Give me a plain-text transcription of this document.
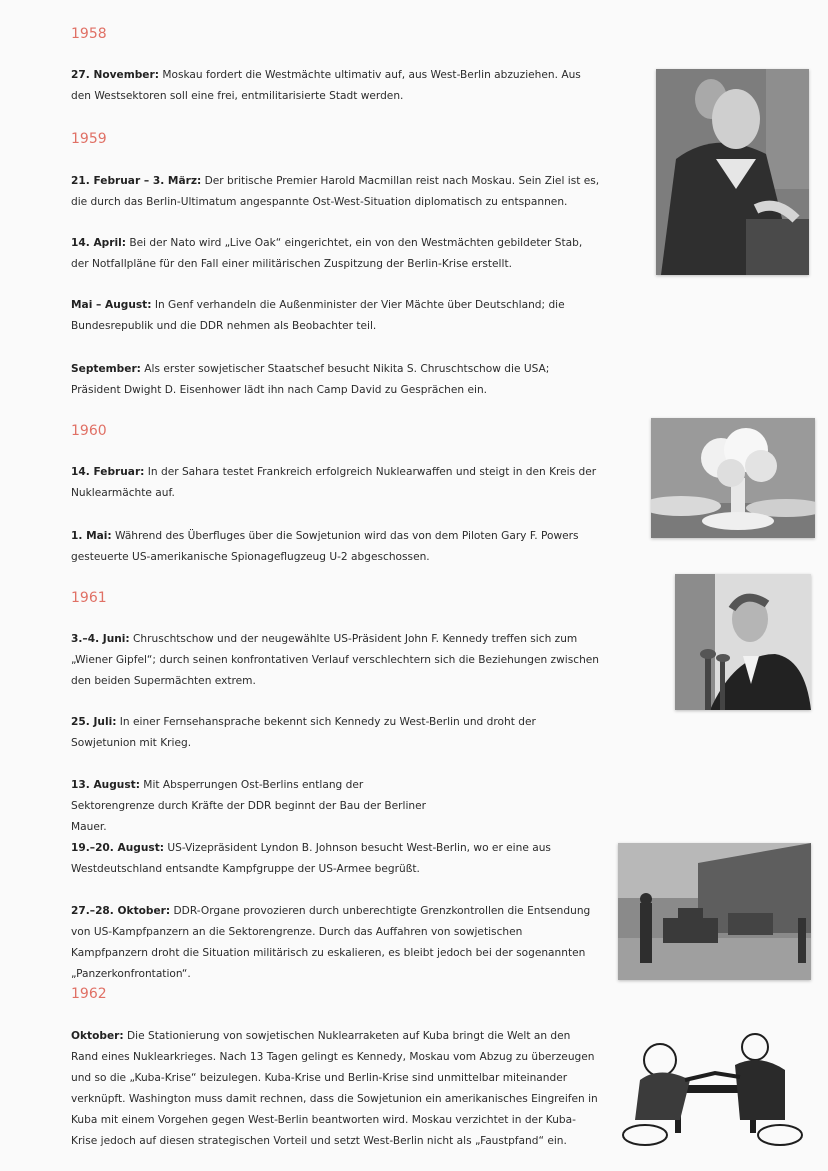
1958

27. November: Moskau fordert die Westmächte ultimativ auf, aus West-Berlin abzuziehen. Aus den Westsektoren soll eine frei, entmilitarisierte Stadt werden.

1959

21. Februar – 3. März: Der britische Premier Harold Macmillan reist nach Moskau. Sein Ziel ist es, die durch das Berlin-Ultimatum angespannte Ost-West-Situation diplomatisch zu entspannen.

14. April: Bei der Nato wird „Live Oak“ eingerichtet, ein von den Westmächten gebildeter Stab, der Notfallpläne für den Fall einer militärischen Zuspitzung der Berlin-Krise erstellt.

Mai – August: In Genf verhandeln die Außenminister der Vier Mächte über Deutschland; die Bundesrepublik und die DDR nehmen als Beobachter teil.

September: Als erster sowjetischer Staatschef besucht Nikita S. Chruschtschow die USA; Präsident Dwight D. Eisenhower lädt ihn nach Camp David zu Gesprächen ein.

1960

14. Februar: In der Sahara testet Frankreich erfolgreich Nuklearwaffen und steigt in den Kreis der Nuklearmächte auf.

1. Mai: Während des Überfluges über die Sowjetunion wird das von dem Piloten Gary F. Powers gesteuerte US-amerikanische Spionageflugzeug U-2 abgeschossen.

1961

3.–4. Juni: Chruschtschow und der neugewählte US-Präsident John F. Kennedy treffen sich zum „Wiener Gipfel“; durch seinen konfrontativen Verlauf verschlechtern sich die Beziehungen zwischen den beiden Supermächten extrem.

25. Juli: In einer Fernsehansprache bekennt sich Kennedy zu West-Berlin und droht der Sowjetunion mit Krieg.

13. August: Mit Absperrungen Ost-Berlins entlang der
Sektorengrenze durch Kräfte der DDR beginnt der Bau der Berliner Mauer.

19.–20. August: US-Vizepräsident Lyndon B. Johnson besucht West-Berlin, wo er eine aus Westdeutschland entsandte Kampfgruppe der US-Armee begrüßt.

27.–28. Oktober: DDR-Organe provozieren durch unberechtigte Grenzkontrollen die Entsendung von US-Kampfpanzern an die Sektorengrenze. Durch das Auffahren von sowjetischen Kampfpanzern droht die Situation militärisch zu eskalieren, es bleibt jedoch bei der sogenannten „Panzerkonfrontation“.

1962

Oktober: Die Stationierung von sowjetischen Nuklearraketen auf Kuba bringt die Welt an den Rand eines Nuklearkrieges. Nach 13 Tagen gelingt es Kennedy, Moskau vom Abzug zu überzeugen und so die „Kuba-Krise“ beizulegen. Kuba-Krise und Berlin-Krise sind unmittelbar miteinander verknüpft. Washington muss damit rechnen, dass die Sowjetunion ein amerikanisches Eingreifen in Kuba mit einem Vorgehen gegen West-Berlin beantworten wird. Moskau verzichtet in der Kuba-Krise jedoch auf diesen strategischen Vorteil und setzt West-Berlin nicht als „Faustpfand“ ein.
